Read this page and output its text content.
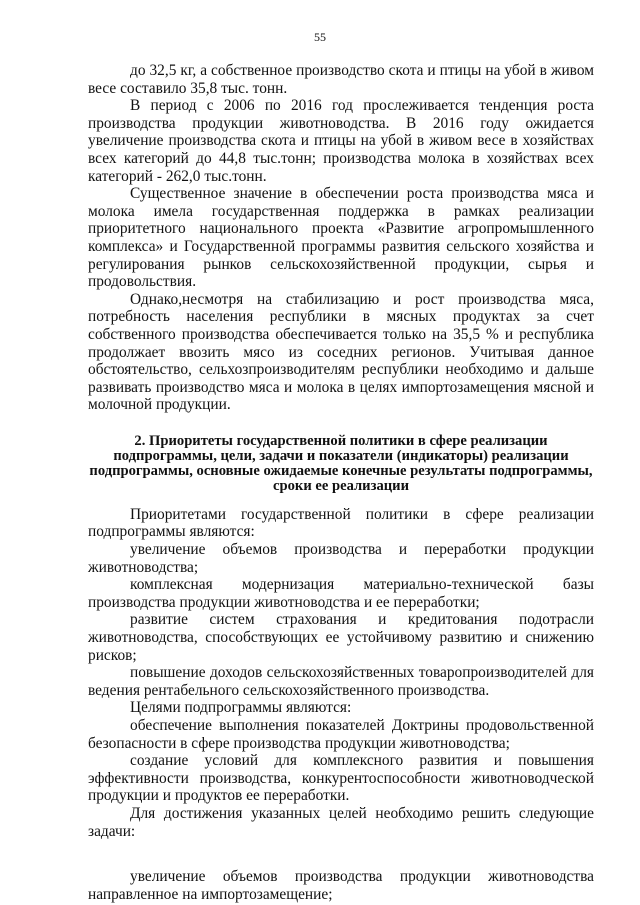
55

до 32,5 кг, а собственное производство скота и птицы на убой в живом весе составило 35,8 тыс. тонн.

В период с 2006 по 2016 год прослеживается тенденция роста производства продукции животноводства. В 2016 году ожидается увеличение производства скота и птицы на убой в живом весе в хозяйствах всех категорий до 44,8 тыс.тонн; производства молока в хозяйствах всех категорий - 262,0 тыс.тонн.

Существенное значение в обеспечении роста производства мяса и молока имела государственная поддержка в рамках реализации приоритетного национального проекта «Развитие агропромышленного комплекса» и Государственной программы развития сельского хозяйства и регулирования рынков сельскохозяйственной продукции, сырья и продовольствия.

Однако,несмотря на стабилизацию и рост производства мяса, потребность населения республики в мясных продуктах за счет собственного производства обеспечивается только на 35,5 % и республика продолжает ввозить мясо из соседних регионов. Учитывая данное обстоятельство, сельхозпроизводителям республики необходимо и дальше развивать производство мяса и молока в целях импортозамещения мясной и молочной продукции.

2. Приоритеты государственной политики в сфере реализации подпрограммы, цели, задачи и показатели (индикаторы) реализации подпрограммы, основные ожидаемые конечные результаты подпрограммы, сроки ее реализации

Приоритетами государственной политики в сфере реализации подпрограммы являются:

увеличение объемов производства и переработки продукции животноводства;

комплексная модернизация материально-технической базы производства продукции животноводства и ее переработки;

развитие систем страхования и кредитования подотрасли животноводства, способствующих ее устойчивому развитию и снижению рисков;

повышение доходов сельскохозяйственных товаропроизводителей для ведения рентабельного сельскохозяйственного производства.

Целями подпрограммы являются:

обеспечение выполнения показателей Доктрины продовольственной безопасности в сфере производства продукции животноводства;

создание условий для комплексного развития и повышения эффективности производства, конкурентоспособности животноводческой продукции и продуктов ее переработки.

Для достижения указанных целей необходимо решить следующие задачи:

увеличение объемов производства продукции животноводства направленное на импортозамещение;
